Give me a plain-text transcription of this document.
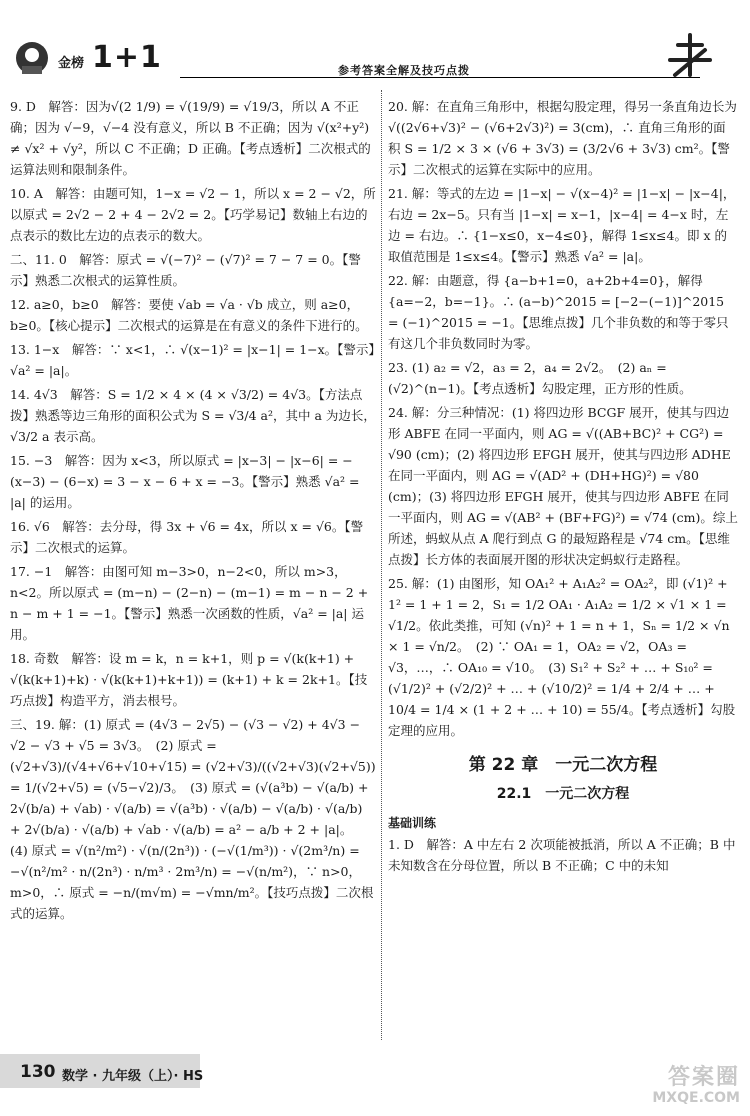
金榜 1+1	参考答案全解及技巧点拨

9. D　解答：因为√(2 1/9) = √(19/9) = √19/3，所以 A 不正确；因为 √−9，√−4 没有意义，所以 B 不正确；因为 √(x²+y²) ≠ √x² + √y²，所以 C 不正确；D 正确。【考点透析】二次根式的运算法则和限制条件。

10. A　解答：由题可知，1−x = √2 − 1，所以 x = 2 − √2，所以原式 = 2√2 − 2 + 4 − 2√2 = 2。【巧学易记】数轴上右边的点表示的数比左边的点表示的数大。

二、11. 0　解答：原式 = √(−7)² − (√7)² = 7 − 7 = 0。【警示】熟悉二次根式的运算性质。

12. a≥0，b≥0　解答：要使 √ab = √a · √b 成立，则 a≥0，b≥0。【核心提示】二次根式的运算是在有意义的条件下进行的。

13. 1−x　解答：∵ x<1，∴ √(x−1)² = |x−1| = 1−x。【警示】√a² = |a|。

14. 4√3　解答：S = 1/2 × 4 × (4 × √3/2) = 4√3。【方法点拨】熟悉等边三角形的面积公式为 S = √3/4 a²，其中 a 为边长，√3/2 a 表示高。

15. −3　解答：因为 x<3，所以原式 = |x−3| − |x−6| = −(x−3) − (6−x) = 3 − x − 6 + x = −3。【警示】熟悉 √a² = |a| 的运用。

16. √6　解答：去分母，得 3x + √6 = 4x，所以 x = √6。【警示】二次根式的运算。

17. −1　解答：由图可知 m−3>0，n−2<0，所以 m>3，n<2。所以原式 = (m−n) − (2−n) − (m−1) = m − n − 2 + n − m + 1 = −1。【警示】熟悉一次函数的性质，√a² = |a| 运用。

18. 奇数　解答：设 m = k，n = k+1，则 p = √(k(k+1) + √(k(k+1)+k) · √(k(k+1)+k+1)) = (k+1) + k = 2k+1。【技巧点拨】构造平方，消去根号。

三、19. 解：(1) 原式 = (4√3 − 2√5) − (√3 − √2) + 4√3 − √2 − √3 + √5 = 3√3。　(2) 原式 = (√2+√3)/(√4+√6+√10+√15) = (√2+√3)/((√2+√3)(√2+√5)) = 1/(√2+√5) = (√5−√2)/3。　(3) 原式 = (√(a³b) − √(a/b) + 2√(b/a) + √ab) · √(a/b) = √(a³b) · √(a/b) − √(a/b) · √(a/b) + 2√(b/a) · √(a/b) + √ab · √(a/b) = a² − a/b + 2 + |a|。　(4) 原式 = √(n²/m²) · √(n/(2n³)) · (−√(1/m³)) · √(2m³/n) = −√(n²/m² · n/(2n³) · n/m³ · 2m³/n) = −√(n/m²)，∵ n>0，m>0，∴ 原式 = −n/(m√m) = −√mn/m²。【技巧点拨】二次根式的运算。

20. 解：在直角三角形中，根据勾股定理，得另一条直角边长为 √((2√6+√3)² − (√6+2√3)²) = 3(cm)，∴ 直角三角形的面积 S = 1/2 × 3 × (√6 + 3√3) = (3/2√6 + 3√3) cm²。【警示】二次根式的运算在实际中的应用。

21. 解：等式的左边 = |1−x| − √(x−4)² = |1−x| − |x−4|，右边 = 2x−5。只有当 |1−x| = x−1，|x−4| = 4−x 时，左边 = 右边。∴ {1−x≤0，x−4≤0}，解得 1≤x≤4。即 x 的取值范围是 1≤x≤4。【警示】熟悉 √a² = |a|。

22. 解：由题意，得 {a−b+1=0，a+2b+4=0}，解得 {a=−2，b=−1}。∴ (a−b)^2015 = [−2−(−1)]^2015 = (−1)^2015 = −1。【思维点拨】几个非负数的和等于零只有这几个非负数同时为零。

23. (1) a₂ = √2，a₃ = 2，a₄ = 2√2。　(2) aₙ = (√2)^(n−1)。【考点透析】勾股定理，正方形的性质。

24. 解：分三种情况：(1) 将四边形 BCGF 展开，使其与四边形 ABFE 在同一平面内，则 AG = √((AB+BC)² + CG²) = √90 (cm)；(2) 将四边形 EFGH 展开，使其与四边形 ADHE 在同一平面内，则 AG = √(AD² + (DH+HG)²) = √80 (cm)；(3) 将四边形 EFGH 展开，使其与四边形 ABFE 在同一平面内，则 AG = √(AB² + (BF+FG)²) = √74 (cm)。综上所述，蚂蚁从点 A 爬行到点 G 的最短路程是 √74 cm。【思维点拨】长方体的表面展开图的形状决定蚂蚁行走路程。

25. 解：(1) 由图形，知 OA₁² + A₁A₂² = OA₂²，即 (√1)² + 1² = 1 + 1 = 2，S₁ = 1/2 OA₁ · A₁A₂ = 1/2 × √1 × 1 = √1/2。依此类推，可知 (√n)² + 1 = n + 1，Sₙ = 1/2 × √n × 1 = √n/2。　(2) ∵ OA₁ = 1，OA₂ = √2，OA₃ = √3，…，∴ OA₁₀ = √10。　(3) S₁² + S₂² + … + S₁₀² = (√1/2)² + (√2/2)² + … + (√10/2)² = 1/4 + 2/4 + … + 10/4 = 1/4 × (1 + 2 + … + 10) = 55/4。【考点透析】勾股定理的应用。

第 22 章　一元二次方程
22.1　一元二次方程
基础训练

1. D　解答：A 中左右 2 次项能被抵消，所以 A 不正确；B 中未知数含在分母位置，所以 B 不正确；C 中的未知

130 数学 · 九年级（上）· HS	答案圈
MXQE.COM
